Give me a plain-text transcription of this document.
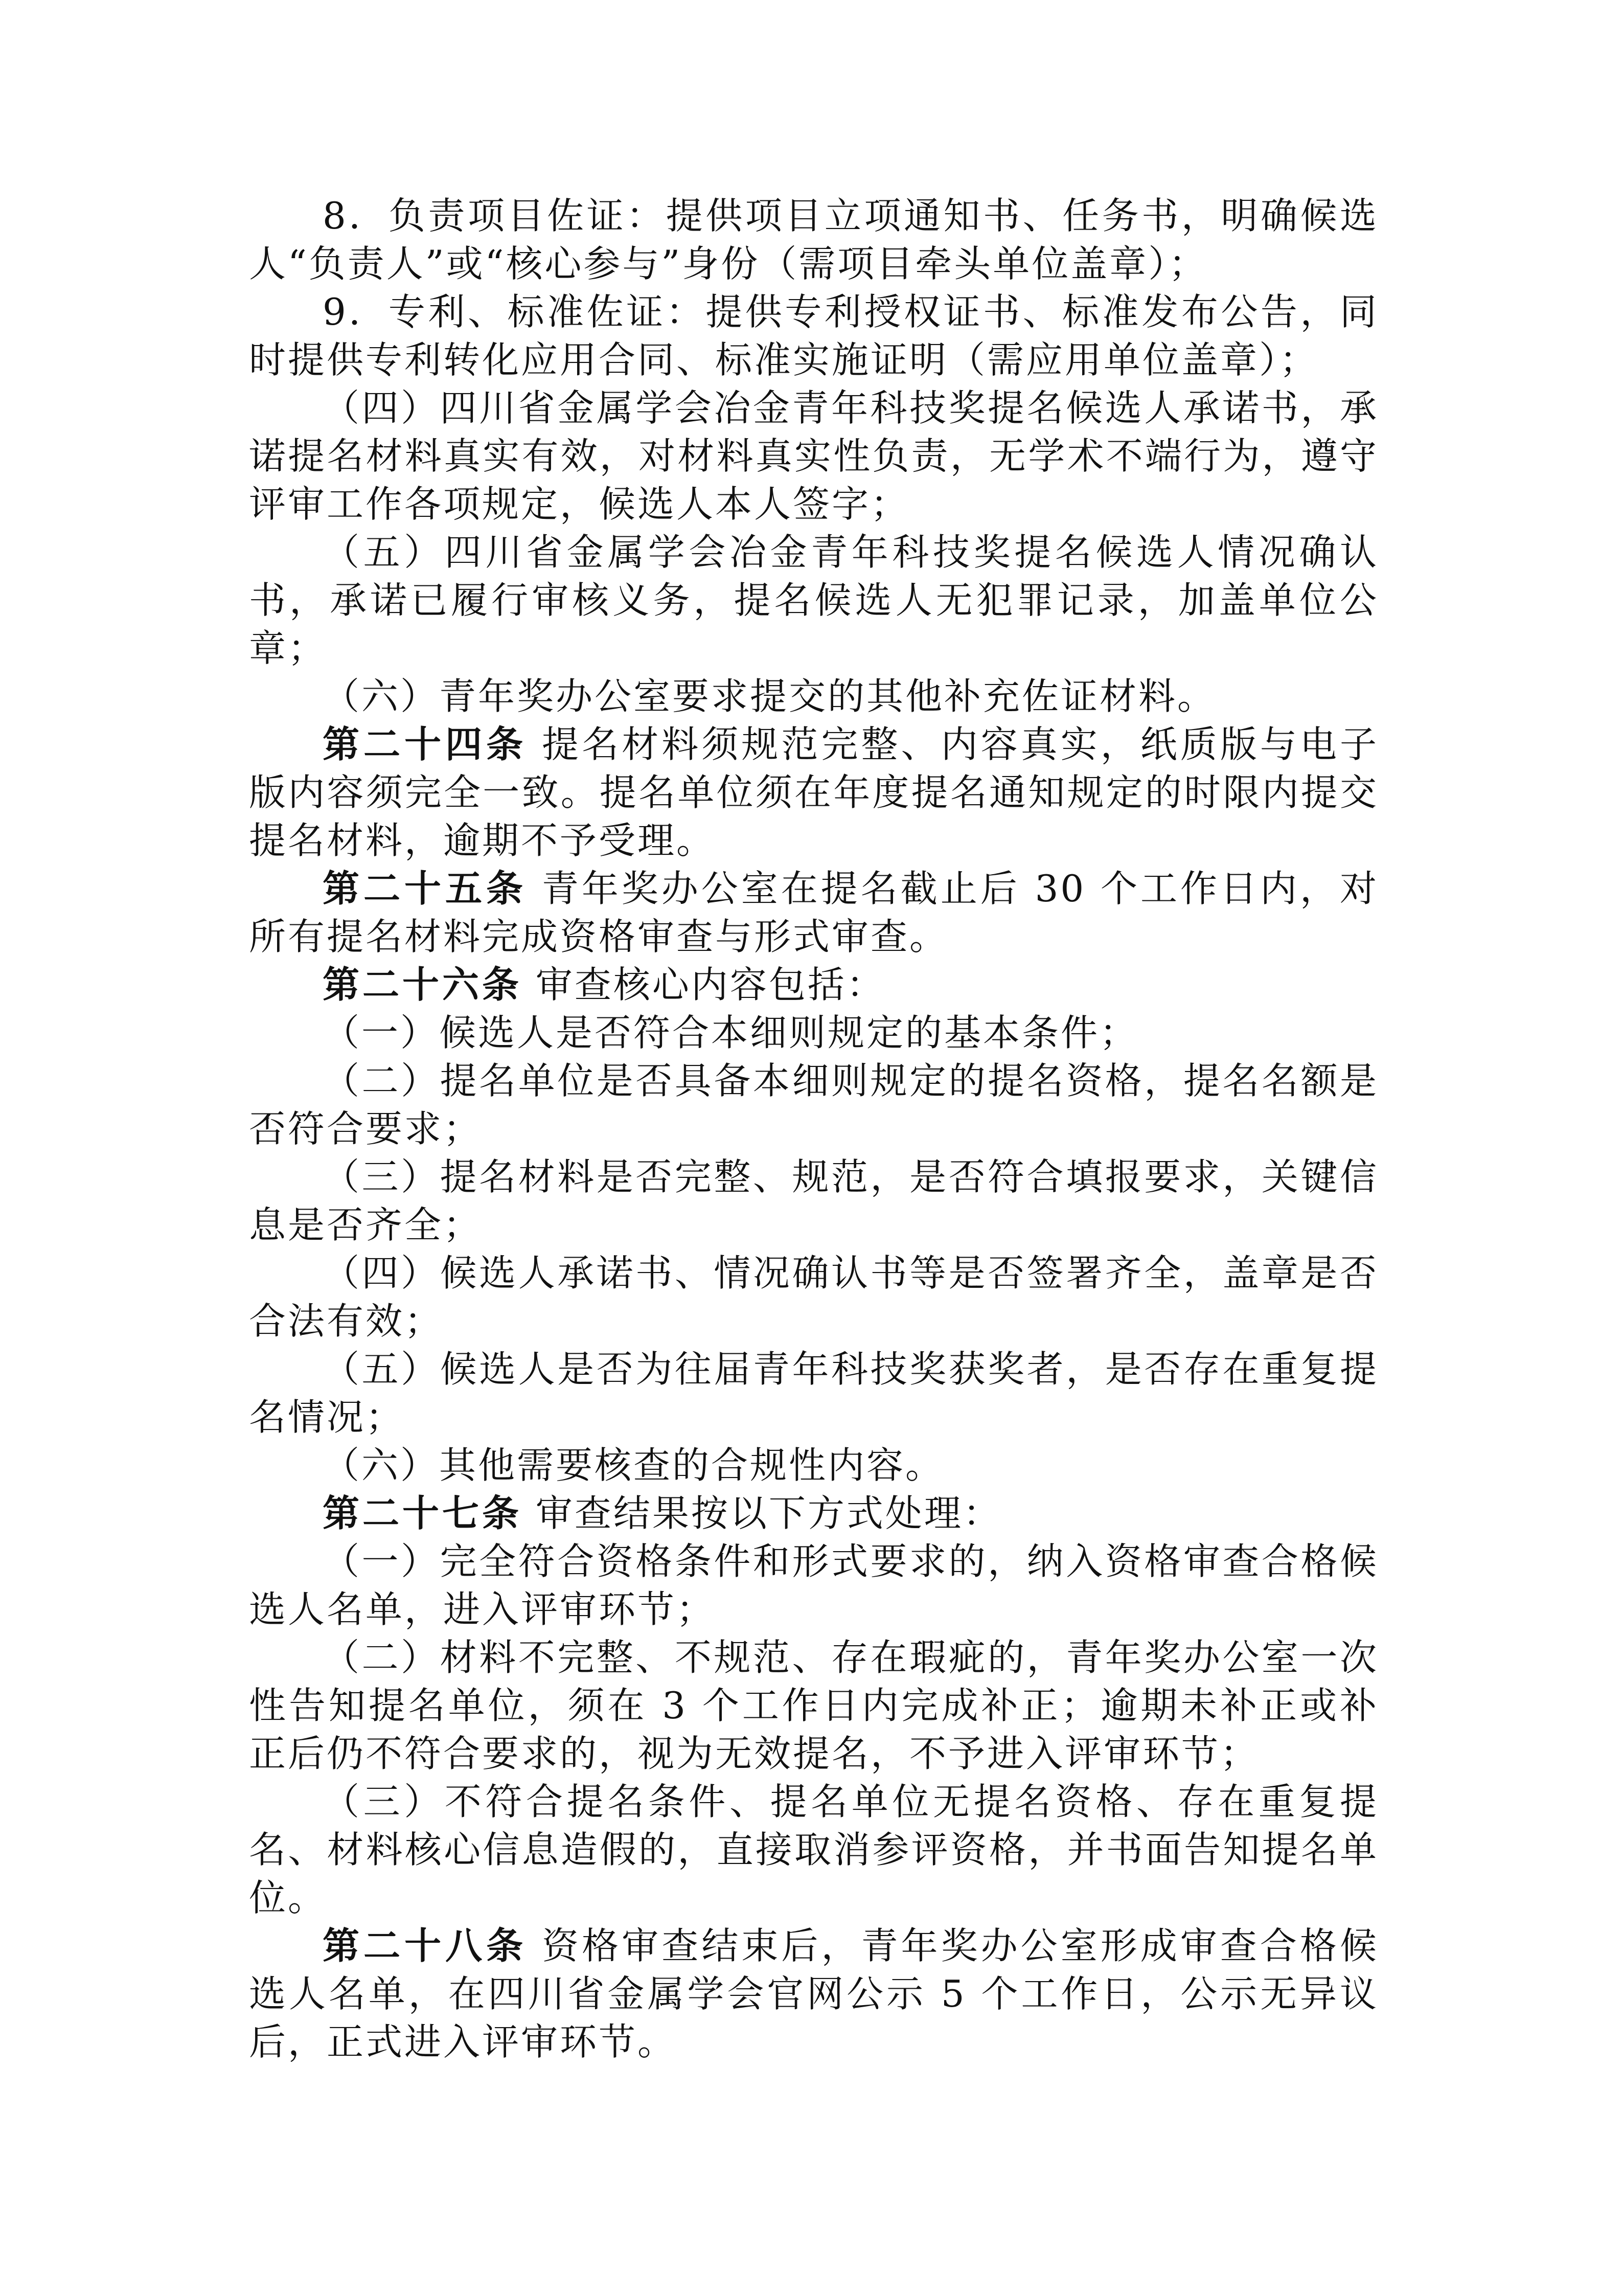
8．负责项目佐证：提供项目立项通知书、任务书，明确候选人“负责人”或“核心参与”身份（需项目牵头单位盖章）；

9．专利、标准佐证：提供专利授权证书、标准发布公告，同时提供专利转化应用合同、标准实施证明（需应用单位盖章）；

（四）四川省金属学会冶金青年科技奖提名候选人承诺书，承诺提名材料真实有效，对材料真实性负责，无学术不端行为，遵守评审工作各项规定，候选人本人签字；

（五）四川省金属学会冶金青年科技奖提名候选人情况确认书，承诺已履行审核义务，提名候选人无犯罪记录，加盖单位公章；

（六）青年奖办公室要求提交的其他补充佐证材料。

第二十四条 提名材料须规范完整、内容真实，纸质版与电子版内容须完全一致。提名单位须在年度提名通知规定的时限内提交提名材料，逾期不予受理。

第二十五条 青年奖办公室在提名截止后 30 个工作日内，对所有提名材料完成资格审查与形式审查。

第二十六条 审查核心内容包括：

（一）候选人是否符合本细则规定的基本条件；

（二）提名单位是否具备本细则规定的提名资格，提名名额是否符合要求；

（三）提名材料是否完整、规范，是否符合填报要求，关键信息是否齐全；

（四）候选人承诺书、情况确认书等是否签署齐全，盖章是否合法有效；

（五）候选人是否为往届青年科技奖获奖者，是否存在重复提名情况；

（六）其他需要核查的合规性内容。

第二十七条 审查结果按以下方式处理：

（一）完全符合资格条件和形式要求的，纳入资格审查合格候选人名单，进入评审环节；

（二）材料不完整、不规范、存在瑕疵的，青年奖办公室一次性告知提名单位，须在 3 个工作日内完成补正；逾期未补正或补正后仍不符合要求的，视为无效提名，不予进入评审环节；

（三）不符合提名条件、提名单位无提名资格、存在重复提名、材料核心信息造假的，直接取消参评资格，并书面告知提名单位。

第二十八条 资格审查结束后，青年奖办公室形成审查合格候选人名单，在四川省金属学会官网公示 5 个工作日，公示无异议后，正式进入评审环节。
